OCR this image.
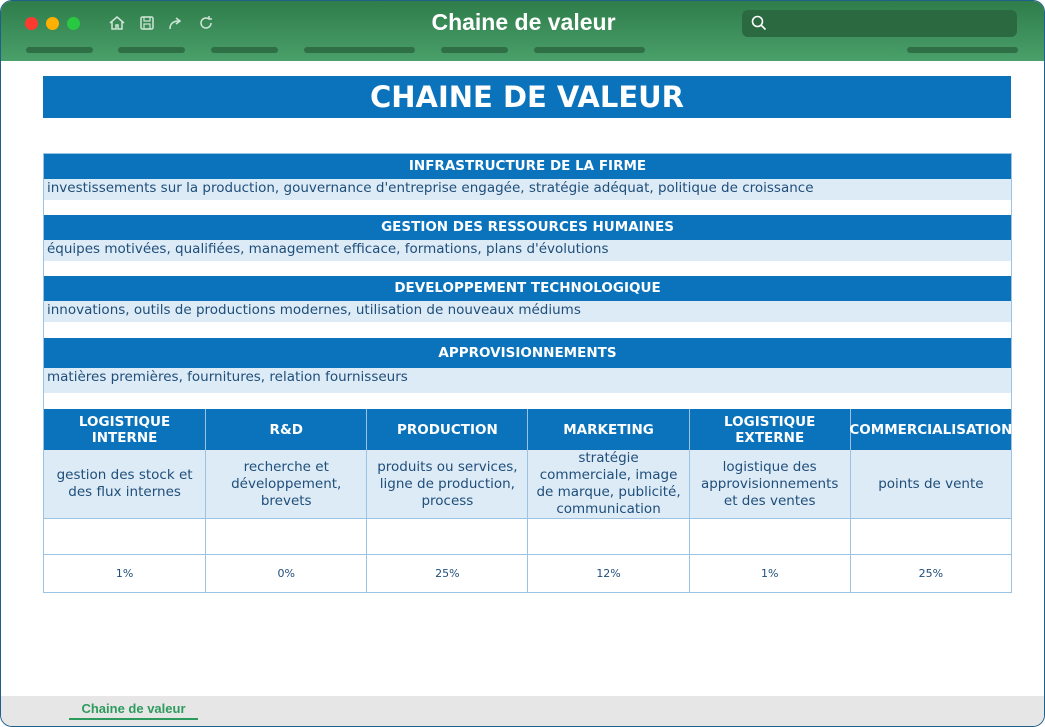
Chaine de valeur
CHAINE DE VALEUR
INFRASTRUCTURE DE LA FIRME
investissements sur la production, gouvernance d'entreprise engagée, stratégie adéquat, politique de croissance
GESTION DES RESSOURCES HUMAINES
équipes motivées, qualifiées, management efficace, formations, plans d'évolutions
DEVELOPPEMENT TECHNOLOGIQUE
innovations, outils de productions modernes, utilisation de nouveaux médiums
APPROVISIONNEMENTS
matières premières, fournitures, relation fournisseurs
LOGISTIQUE INTERNE
gestion des stock et des flux internes
1%
R&D
recherche et développement, brevets
0%
PRODUCTION
produits ou services, ligne de production, process
25%
MARKETING
stratégie commerciale, image de marque, publicité, communication
12%
LOGISTIQUE EXTERNE
logistique des approvisionnements et des ventes
1%
COMMERCIALISATION
points de vente
25%
Chaine de valeur
